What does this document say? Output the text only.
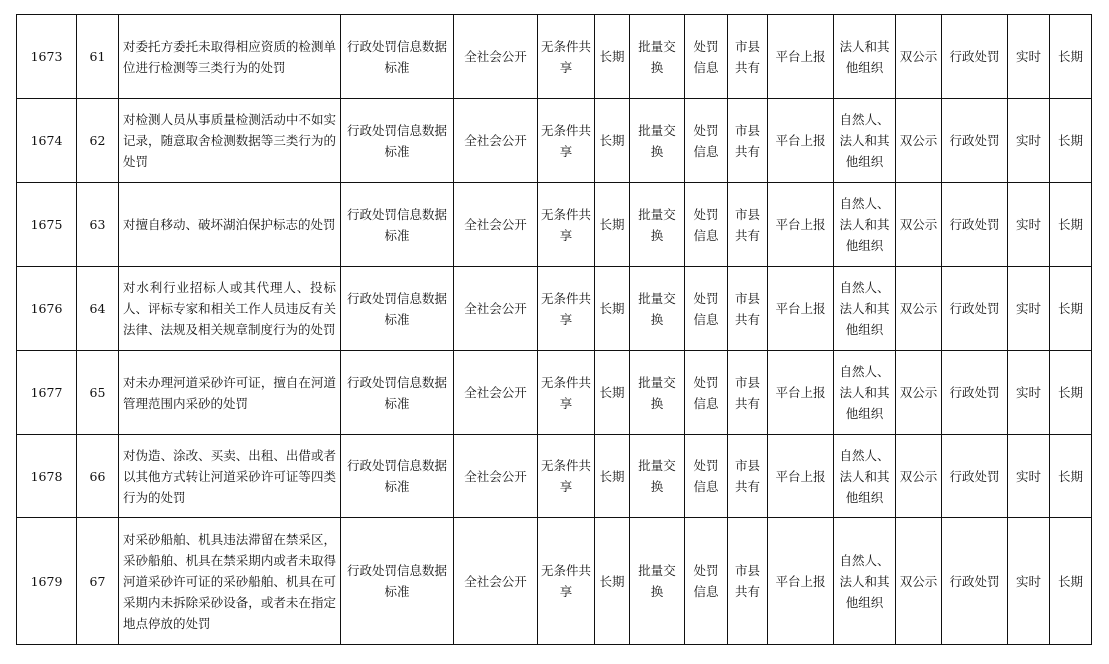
1673	61	对委托方委托未取得相应资质的检测单位进行检测等三类行为的处罚	行政处罚信息数据标准	全社会公开	无条件共享	长期	批量交换	处罚信息	市县共有	平台上报	法人和其他组织	双公示	行政处罚	实时	长期
1674	62	对检测人员从事质量检测活动中不如实记录，随意取舍检测数据等三类行为的处罚	行政处罚信息数据标准	全社会公开	无条件共享	长期	批量交换	处罚信息	市县共有	平台上报	自然人、法人和其他组织	双公示	行政处罚	实时	长期
1675	63	对擅自移动、破坏湖泊保护标志的处罚	行政处罚信息数据标准	全社会公开	无条件共享	长期	批量交换	处罚信息	市县共有	平台上报	自然人、法人和其他组织	双公示	行政处罚	实时	长期
1676	64	对水利行业招标人或其代理人、投标人、评标专家和相关工作人员违反有关法律、法规及相关规章制度行为的处罚	行政处罚信息数据标准	全社会公开	无条件共享	长期	批量交换	处罚信息	市县共有	平台上报	自然人、法人和其他组织	双公示	行政处罚	实时	长期
1677	65	对未办理河道采砂许可证，擅自在河道管理范围内采砂的处罚	行政处罚信息数据标准	全社会公开	无条件共享	长期	批量交换	处罚信息	市县共有	平台上报	自然人、法人和其他组织	双公示	行政处罚	实时	长期
1678	66	对伪造、涂改、买卖、出租、出借或者以其他方式转让河道采砂许可证等四类行为的处罚	行政处罚信息数据标准	全社会公开	无条件共享	长期	批量交换	处罚信息	市县共有	平台上报	自然人、法人和其他组织	双公示	行政处罚	实时	长期
1679	67	对采砂船舶、机具违法滞留在禁采区，采砂船舶、机具在禁采期内或者未取得河道采砂许可证的采砂船舶、机具在可采期内未拆除采砂设备，或者未在指定地点停放的处罚	行政处罚信息数据标准	全社会公开	无条件共享	长期	批量交换	处罚信息	市县共有	平台上报	自然人、法人和其他组织	双公示	行政处罚	实时	长期
